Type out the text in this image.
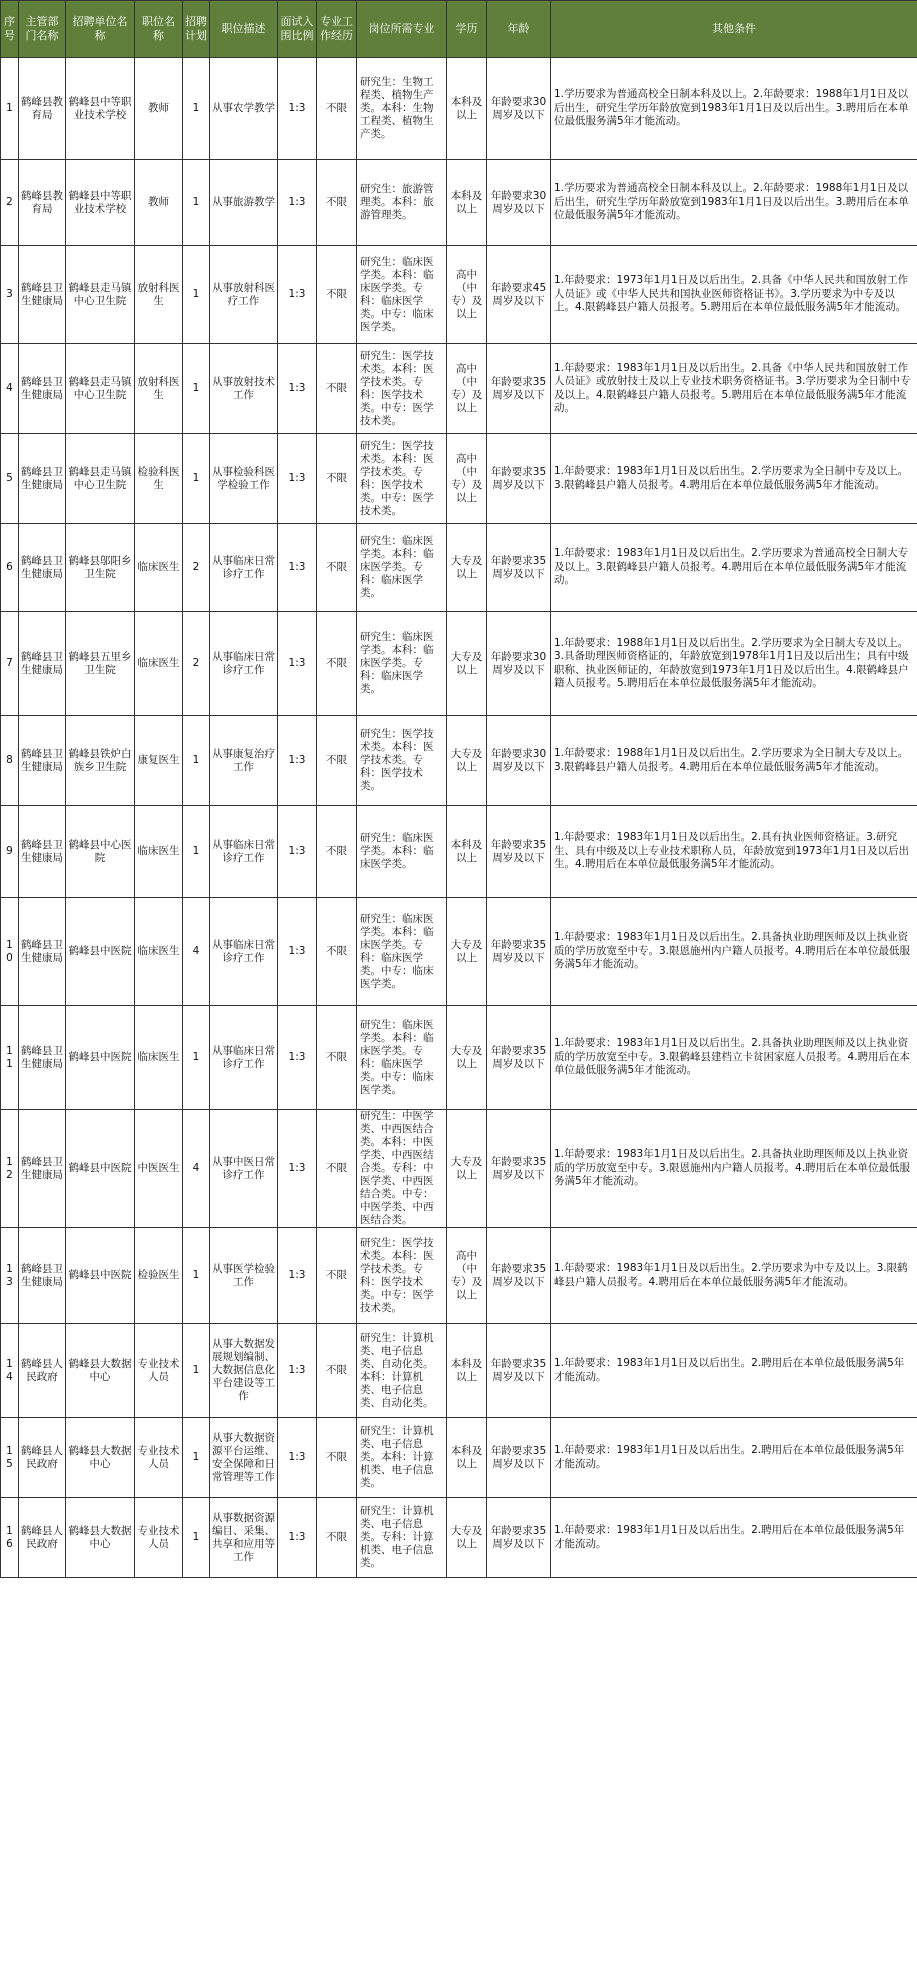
序号	主管部门名称	招聘单位名称	职位名称	招聘计划	职位描述	面试入围比例	专业工作经历	岗位所需专业	学历	年龄	其他条件
1	鹤峰县教育局	鹤峰县中等职业技术学校	教师	1	从事农学教学	1:3	不限	研究生：生物工程类、植物生产类。本科：生物工程类、植物生产类。	本科及以上	年龄要求30周岁及以下	1.学历要求为普通高校全日制本科及以上。2.年龄要求：1988年1月1日及以后出生，研究生学历年龄放宽到1983年1月1日及以后出生。3.聘用后在本单位最低服务满5年才能流动。
2	鹤峰县教育局	鹤峰县中等职业技术学校	教师	1	从事旅游教学	1:3	不限	研究生：旅游管理类。本科：旅游管理类。	本科及以上	年龄要求30周岁及以下	1.学历要求为普通高校全日制本科及以上。2.年龄要求：1988年1月1日及以后出生，研究生学历年龄放宽到1983年1月1日及以后出生。3.聘用后在本单位最低服务满5年才能流动。
3	鹤峰县卫生健康局	鹤峰县走马镇中心卫生院	放射科医生	1	从事放射科医疗工作	1:3	不限	研究生：临床医学类。本科：临床医学类。专科：临床医学类。中专：临床医学类。	高中（中专）及以上	年龄要求45周岁及以下	1.年龄要求：1973年1月1日及以后出生。2.具备《中华人民共和国放射工作人员证》或《中华人民共和国执业医师资格证书》。3.学历要求为中专及以上。4.限鹤峰县户籍人员报考。5.聘用后在本单位最低服务满5年才能流动。
4	鹤峰县卫生健康局	鹤峰县走马镇中心卫生院	放射科医生	1	从事放射技术工作	1:3	不限	研究生：医学技术类。本科：医学技术类。专科：医学技术类。中专：医学技术类。	高中（中专）及以上	年龄要求35周岁及以下	1.年龄要求：1983年1月1日及以后出生。2.具备《中华人民共和国放射工作人员证》或放射技士及以上专业技术职务资格证书。3.学历要求为全日制中专及以上。4.限鹤峰县户籍人员报考。5.聘用后在本单位最低服务满5年才能流动。
5	鹤峰县卫生健康局	鹤峰县走马镇中心卫生院	检验科医生	1	从事检验科医学检验工作	1:3	不限	研究生：医学技术类。本科：医学技术类。专科：医学技术类。中专：医学技术类。	高中（中专）及以上	年龄要求35周岁及以下	1.年龄要求：1983年1月1日及以后出生。2.学历要求为全日制中专及以上。3.限鹤峰县户籍人员报考。4.聘用后在本单位最低服务满5年才能流动。
6	鹤峰县卫生健康局	鹤峰县邬阳乡卫生院	临床医生	2	从事临床日常诊疗工作	1:3	不限	研究生：临床医学类。本科：临床医学类。专科：临床医学类。	大专及以上	年龄要求35周岁及以下	1.年龄要求：1983年1月1日及以后出生。2.学历要求为普通高校全日制大专及以上。3.限鹤峰县户籍人员报考。4.聘用后在本单位最低服务满5年才能流动。
7	鹤峰县卫生健康局	鹤峰县五里乡卫生院	临床医生	2	从事临床日常诊疗工作	1:3	不限	研究生：临床医学类。本科：临床医学类。专科：临床医学类。	大专及以上	年龄要求30周岁及以下	1.年龄要求：1988年1月1日及以后出生。2.学历要求为全日制大专及以上。3.具备助理医师资格证的，年龄放宽到1978年1月1日及以后出生；具有中级职称、执业医师证的，年龄放宽到1973年1月1日及以后出生。4.限鹤峰县户籍人员报考。5.聘用后在本单位最低服务满5年才能流动。
8	鹤峰县卫生健康局	鹤峰县铁炉白族乡卫生院	康复医生	1	从事康复治疗工作	1:3	不限	研究生：医学技术类。本科：医学技术类。专科：医学技术类。	大专及以上	年龄要求30周岁及以下	1.年龄要求：1988年1月1日及以后出生。2.学历要求为全日制大专及以上。3.限鹤峰县户籍人员报考。4.聘用后在本单位最低服务满5年才能流动。
9	鹤峰县卫生健康局	鹤峰县中心医院	临床医生	1	从事临床日常诊疗工作	1:3	不限	研究生：临床医学类。本科：临床医学类。	本科及以上	年龄要求35周岁及以下	1.年龄要求：1983年1月1日及以后出生。2.具有执业医师资格证。3.研究生、具有中级及以上专业技术职称人员，年龄放宽到1973年1月1日及以后出生。4.聘用后在本单位最低服务满5年才能流动。
10	鹤峰县卫生健康局	鹤峰县中医院	临床医生	4	从事临床日常诊疗工作	1:3	不限	研究生：临床医学类。本科：临床医学类。专科：临床医学类。中专：临床医学类。	大专及以上	年龄要求35周岁及以下	1.年龄要求：1983年1月1日及以后出生。2.具备执业助理医师及以上执业资质的学历放宽至中专。3.限恩施州内户籍人员报考。4.聘用后在本单位最低服务满5年才能流动。
11	鹤峰县卫生健康局	鹤峰县中医院	临床医生	1	从事临床日常诊疗工作	1:3	不限	研究生：临床医学类。本科：临床医学类。专科：临床医学类。中专：临床医学类。	大专及以上	年龄要求35周岁及以下	1.年龄要求：1983年1月1日及以后出生。2.具备执业助理医师及以上执业资质的学历放宽至中专。3.限鹤峰县建档立卡贫困家庭人员报考。4.聘用后在本单位最低服务满5年才能流动。
12	鹤峰县卫生健康局	鹤峰县中医院	中医医生	4	从事中医日常诊疗工作	1:3	不限	研究生：中医学类、中西医结合类。本科：中医学类、中西医结合类。专科：中医学类、中西医结合类。中专：中医学类、中西医结合类。	大专及以上	年龄要求35周岁及以下	1.年龄要求：1983年1月1日及以后出生。2.具备执业助理医师及以上执业资质的学历放宽至中专。3.限恩施州内户籍人员报考。4.聘用后在本单位最低服务满5年才能流动。
13	鹤峰县卫生健康局	鹤峰县中医院	检验医生	1	从事医学检验工作	1:3	不限	研究生：医学技术类。本科：医学技术类。专科：医学技术类。中专：医学技术类。	高中（中专）及以上	年龄要求35周岁及以下	1.年龄要求：1983年1月1日及以后出生。2.学历要求为中专及以上。3.限鹤峰县户籍人员报考。4.聘用后在本单位最低服务满5年才能流动。
14	鹤峰县人民政府	鹤峰县大数据中心	专业技术人员	1	从事大数据发展规划编制、大数据信息化平台建设等工作	1:3	不限	研究生：计算机类、电子信息类、自动化类。本科：计算机类、电子信息类、自动化类。	本科及以上	年龄要求35周岁及以下	1.年龄要求：1983年1月1日及以后出生。2.聘用后在本单位最低服务满5年才能流动。
15	鹤峰县人民政府	鹤峰县大数据中心	专业技术人员	1	从事大数据资源平台运维、安全保障和日常管理等工作	1:3	不限	研究生：计算机类、电子信息类。本科：计算机类、电子信息类。	本科及以上	年龄要求35周岁及以下	1.年龄要求：1983年1月1日及以后出生。2.聘用后在本单位最低服务满5年才能流动。
16	鹤峰县人民政府	鹤峰县大数据中心	专业技术人员	1	从事数据资源编目、采集、共享和应用等工作	1:3	不限	研究生：计算机类、电子信息类。专科：计算机类、电子信息类。	大专及以上	年龄要求35周岁及以下	1.年龄要求：1983年1月1日及以后出生。2.聘用后在本单位最低服务满5年才能流动。
